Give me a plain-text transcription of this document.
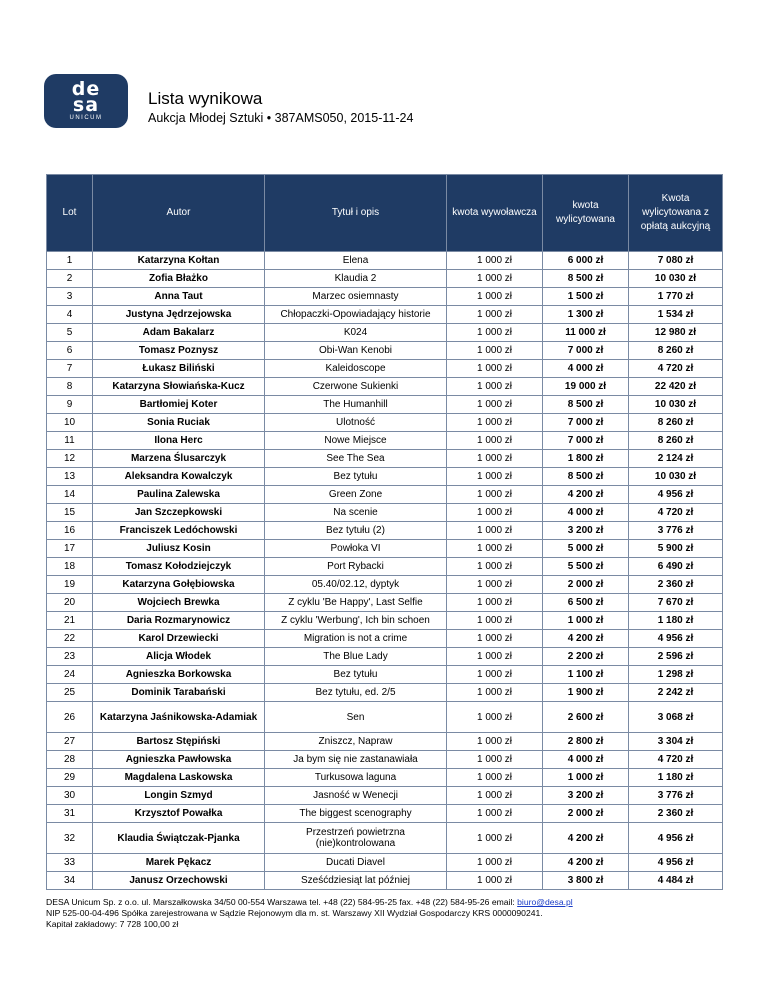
de
sa
UNICUM
Lista wynikowa
Aukcja Młodej Sztuki • 387AMS050, 2015-11-24
Lot	Autor	Tytuł i opis	kwota wywoławcza	kwota wylicytowana	Kwota wylicytowana z opłatą aukcyjną
1	Katarzyna Kołtan	Elena	1 000 zł	6 000 zł	7 080 zł
2	Zofia Błażko	Klaudia 2	1 000 zł	8 500 zł	10 030 zł
3	Anna Taut	Marzec osiemnasty	1 000 zł	1 500 zł	1 770 zł
4	Justyna Jędrzejowska	Chłopaczki-Opowiadający historie	1 000 zł	1 300 zł	1 534 zł
5	Adam Bakalarz	K024	1 000 zł	11 000 zł	12 980 zł
6	Tomasz Poznysz	Obi-Wan Kenobi	1 000 zł	7 000 zł	8 260 zł
7	Łukasz Biliński	Kaleidoscope	1 000 zł	4 000 zł	4 720 zł
8	Katarzyna Słowiańska-Kucz	Czerwone Sukienki	1 000 zł	19 000 zł	22 420 zł
9	Bartłomiej Koter	The Humanhill	1 000 zł	8 500 zł	10 030 zł
10	Sonia Ruciak	Ulotność	1 000 zł	7 000 zł	8 260 zł
11	Ilona Herc	Nowe Miejsce	1 000 zł	7 000 zł	8 260 zł
12	Marzena Ślusarczyk	See The Sea	1 000 zł	1 800 zł	2 124 zł
13	Aleksandra Kowalczyk	Bez tytułu	1 000 zł	8 500 zł	10 030 zł
14	Paulina Zalewska	Green Zone	1 000 zł	4 200 zł	4 956 zł
15	Jan Szczepkowski	Na scenie	1 000 zł	4 000 zł	4 720 zł
16	Franciszek Ledóchowski	Bez tytułu (2)	1 000 zł	3 200 zł	3 776 zł
17	Juliusz Kosin	Powłoka VI	1 000 zł	5 000 zł	5 900 zł
18	Tomasz Kołodziejczyk	Port Rybacki	1 000 zł	5 500 zł	6 490 zł
19	Katarzyna Gołębiowska	05.40/02.12, dyptyk	1 000 zł	2 000 zł	2 360 zł
20	Wojciech Brewka	Z cyklu 'Be Happy', Last Selfie	1 000 zł	6 500 zł	7 670 zł
21	Daria Rozmarynowicz	Z cyklu 'Werbung', Ich bin schoen	1 000 zł	1 000 zł	1 180 zł
22	Karol Drzewiecki	Migration is not a crime	1 000 zł	4 200 zł	4 956 zł
23	Alicja Włodek	The Blue Lady	1 000 zł	2 200 zł	2 596 zł
24	Agnieszka Borkowska	Bez tytułu	1 000 zł	1 100 zł	1 298 zł
25	Dominik Tarabański	Bez tytułu, ed. 2/5	1 000 zł	1 900 zł	2 242 zł
26	Katarzyna Jaśnikowska-Adamiak	Sen	1 000 zł	2 600 zł	3 068 zł
27	Bartosz Stępiński	Zniszcz, Napraw	1 000 zł	2 800 zł	3 304 zł
28	Agnieszka Pawłowska	Ja bym się nie zastanawiała	1 000 zł	4 000 zł	4 720 zł
29	Magdalena Laskowska	Turkusowa laguna	1 000 zł	1 000 zł	1 180 zł
30	Longin Szmyd	Jasność w Wenecji	1 000 zł	3 200 zł	3 776 zł
31	Krzysztof Powałka	The biggest scenography	1 000 zł	2 000 zł	2 360 zł
32	Klaudia Świątczak-Pjanka	Przestrzeń powietrzna (nie)kontrolowana	1 000 zł	4 200 zł	4 956 zł
33	Marek Pękacz	Ducati Diavel	1 000 zł	4 200 zł	4 956 zł
34	Janusz Orzechowski	Sześćdziesiąt lat później	1 000 zł	3 800 zł	4 484 zł
DESA Unicum Sp. z o.o. ul. Marszałkowska 34/50 00-554 Warszawa tel. +48 (22) 584-95-25 fax. +48 (22) 584-95-26 email: biuro@desa.pl
NIP 525-00-04-496 Spółka zarejestrowana w Sądzie Rejonowym dla m. st. Warszawy XII Wydział Gospodarczy KRS 0000090241.
Kapitał zakładowy: 7 728 100,00 zł
